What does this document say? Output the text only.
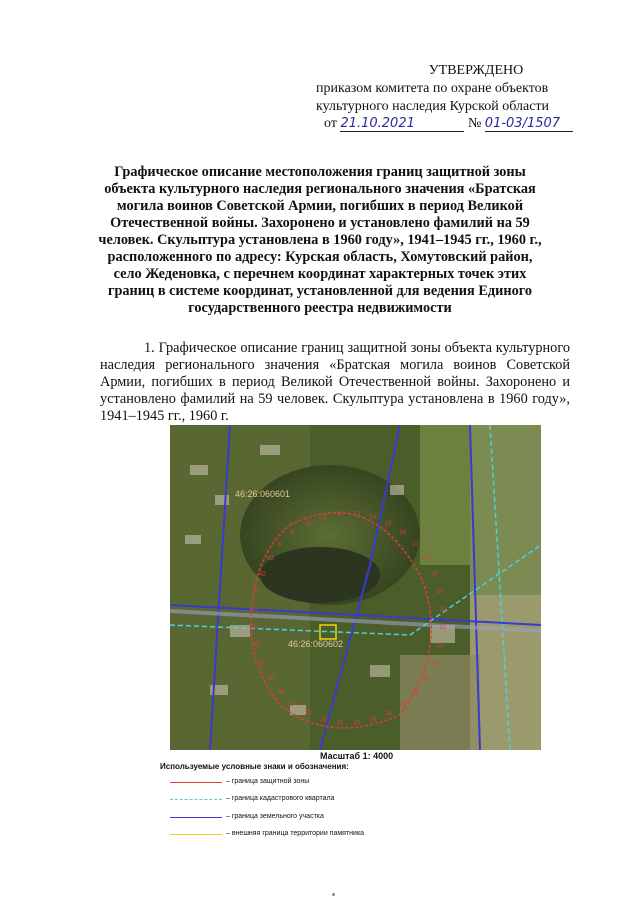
УТВЕРЖДЕНО
приказом комитета по охране объектов
культурного наследия Курской области
от 21.10.2021	№ 01-03/1507
Графическое описание местоположения границ защитной зоны объекта культурного наследия регионального значения «Братская могила воинов Советской Армии, погибших в период Великой Отечественной войны. Захоронено и установлено фамилий на 59 человек. Скульптура установлена в 1960 году», 1941–1945 гг., 1960 г., расположенного по адресу: Курская область, Хомутовский район, село Жеденовка, с перечнем координат характерных точек этих границ в системе координат, установленной для ведения Единого государственного реестра недвижимости
1. Графическое описание границ защитной зоны объекта культурного наследия регионального значения «Братская могила воинов Советской Армии, погибших в период Великой Отечественной войны. Захоронено и установлено фамилий на 59 человек. Скульптура установлена в 1960 году», 1941–1945 гг., 1960 г.
8
9
10
11
12 13
14
15
16
17
18
19
20
21
22
23
24
25
26
27
28
29
30
31
32
33
34
35
36
37
38
39
40
41
42
43
46:26:060601
46:26:060602
Масштаб 1: 4000
Используемые условные знаки и обозначения:
– граница защитной зоны
– граница кадастрового квартала
– граница земельного участка
– внешняя граница территории памятника
